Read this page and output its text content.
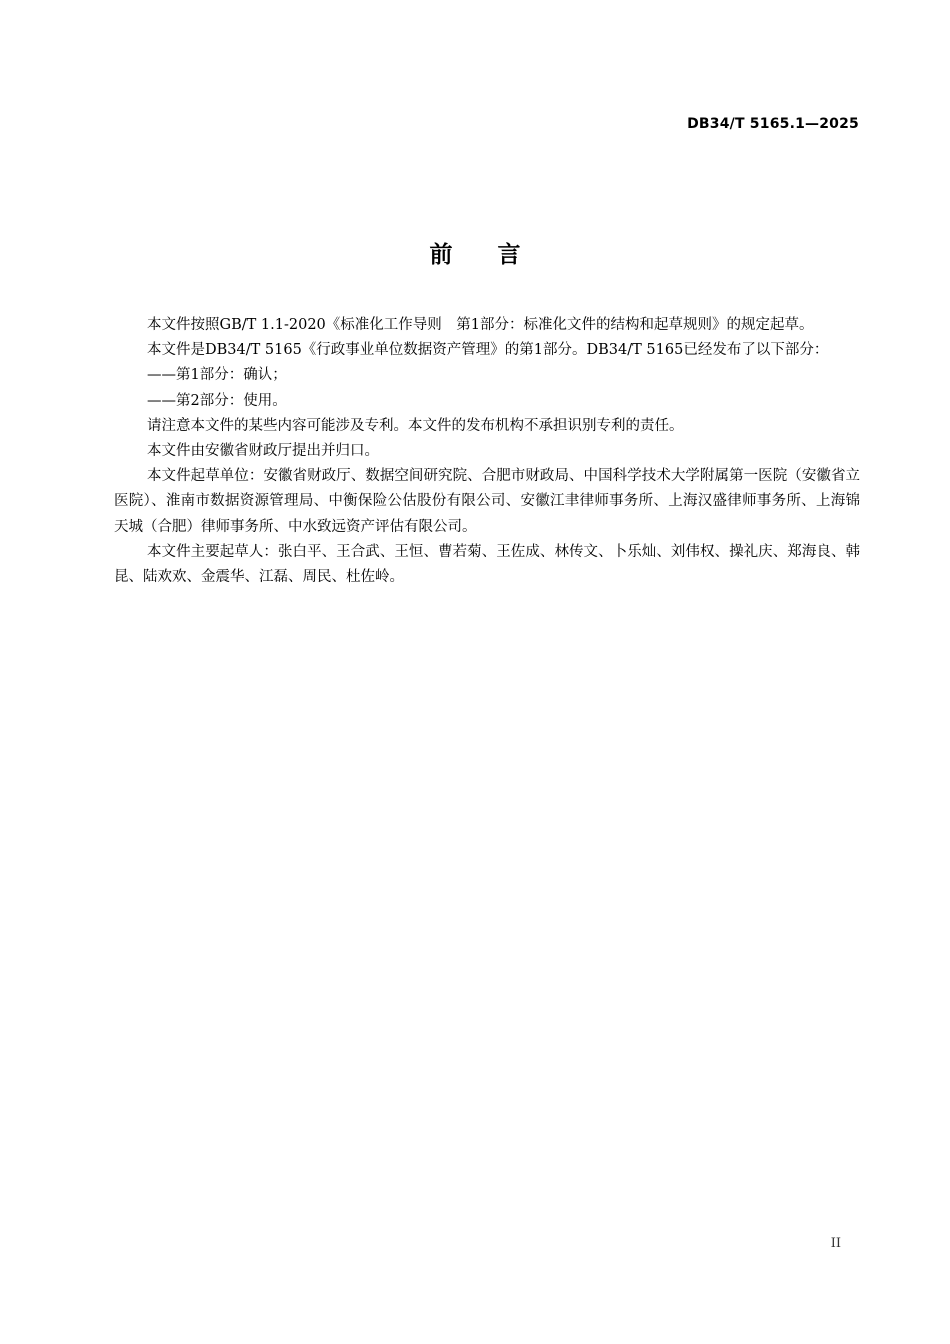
DB34/T 5165.1—2025
前言

本文件按照GB/T 1.1-2020《标准化工作导则　第1部分：标准化文件的结构和起草规则》的规定起草。

本文件是DB34/T 5165《行政事业单位数据资产管理》的第1部分。DB34/T 5165已经发布了以下部分：

——第1部分：确认；

——第2部分：使用。

请注意本文件的某些内容可能涉及专利。本文件的发布机构不承担识别专利的责任。

本文件由安徽省财政厅提出并归口。

本文件起草单位：安徽省财政厅、数据空间研究院、合肥市财政局、中国科学技术大学附属第一医院（安徽省立医院）、淮南市数据资源管理局、中衡保险公估股份有限公司、安徽江聿律师事务所、上海汉盛律师事务所、上海锦天城（合肥）律师事务所、中水致远资产评估有限公司。

本文件主要起草人：张白平、王合武、王恒、曹若菊、王佐成、林传文、卜乐灿、刘伟权、操礼庆、郑海良、韩昆、陆欢欢、金震华、江磊、周民、杜佐岭。

II
